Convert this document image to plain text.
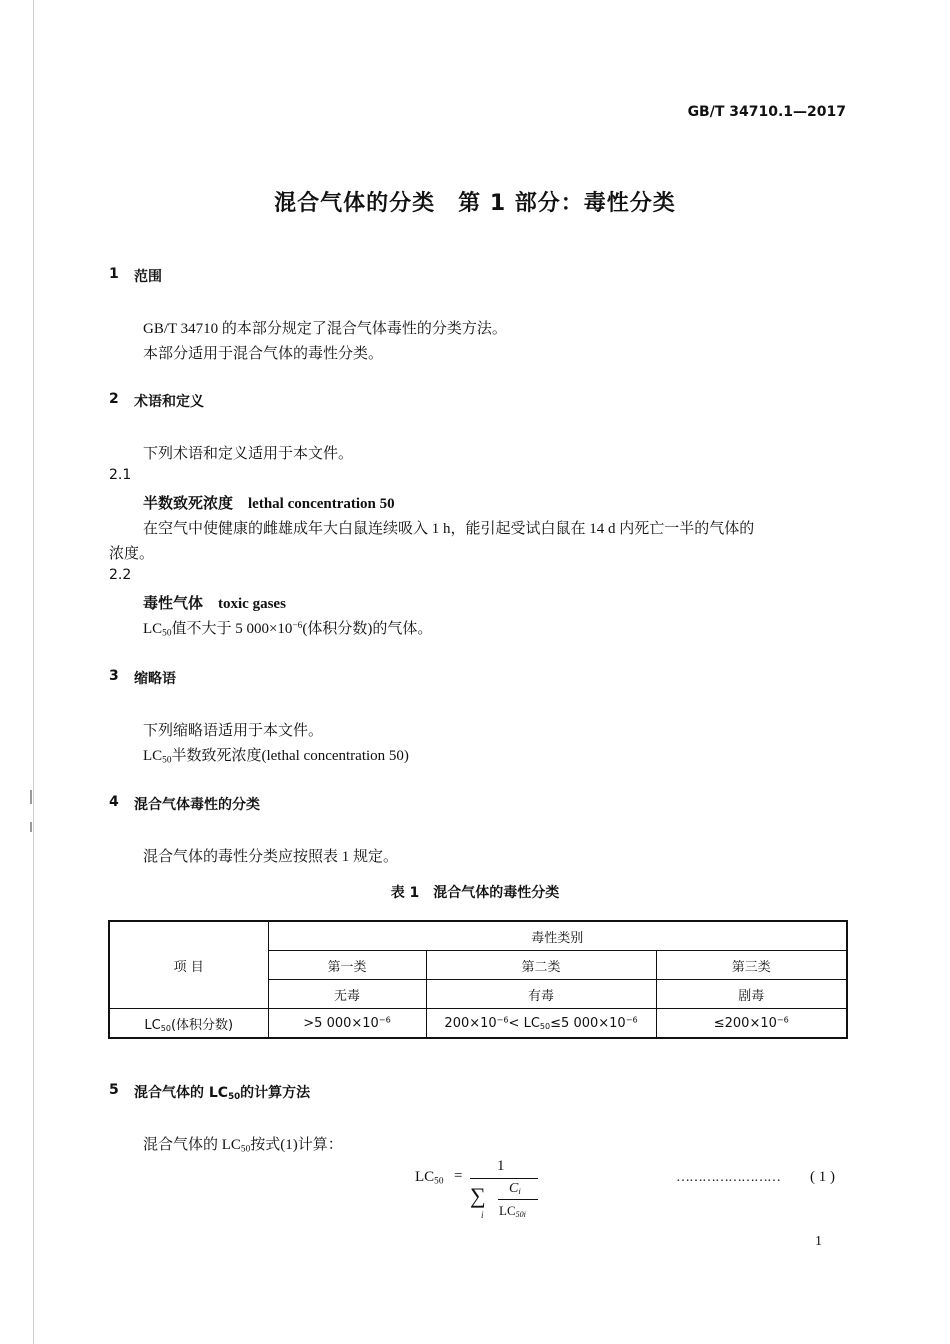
GB/T 34710.1—2017
混合气体的分类　第 1 部分：毒性分类
1 范围
GB/T 34710 的本部分规定了混合气体毒性的分类方法。
本部分适用于混合气体的毒性分类。
2 术语和定义
下列术语和定义适用于本文件。
2.1
半数致死浓度　lethal concentration 50
在空气中使健康的雌雄成年大白鼠连续吸入 1 h，能引起受试白鼠在 14 d 内死亡一半的气体的
浓度。
2.2
毒性气体　toxic gases
$LC_{50}$值不大于 5 $000\times 10^{-6}$(体积分数)的气体。
3 缩略语
下列缩略语适用于本文件。
$LC_{50}$半数致死浓度(lethal concentration 50)
4 混合气体毒性的分类
混合气体的毒性分类应按照表 1 规定。
表 1　混合气体的毒性分类
项 目	毒性类别		
	第一类	第二类	第三类
	无毒	有毒	剧毒
$LC_{50}$(体积分数)	>5 $000\times 10^{-6}$	$200\times 10^{-6}< LC_{50}\le 5$ $000\times 10^{-6}$	$\le 200\times 10^{-6}$
5 混合气体的 $LC_{50}$的计算方法
混合气体的 $LC_{50}$按式(1)计算：
$LC_{50}$ =
1
∑
i
$C_i$
$LC_{50i}$
…………………… ( 1 )
1
